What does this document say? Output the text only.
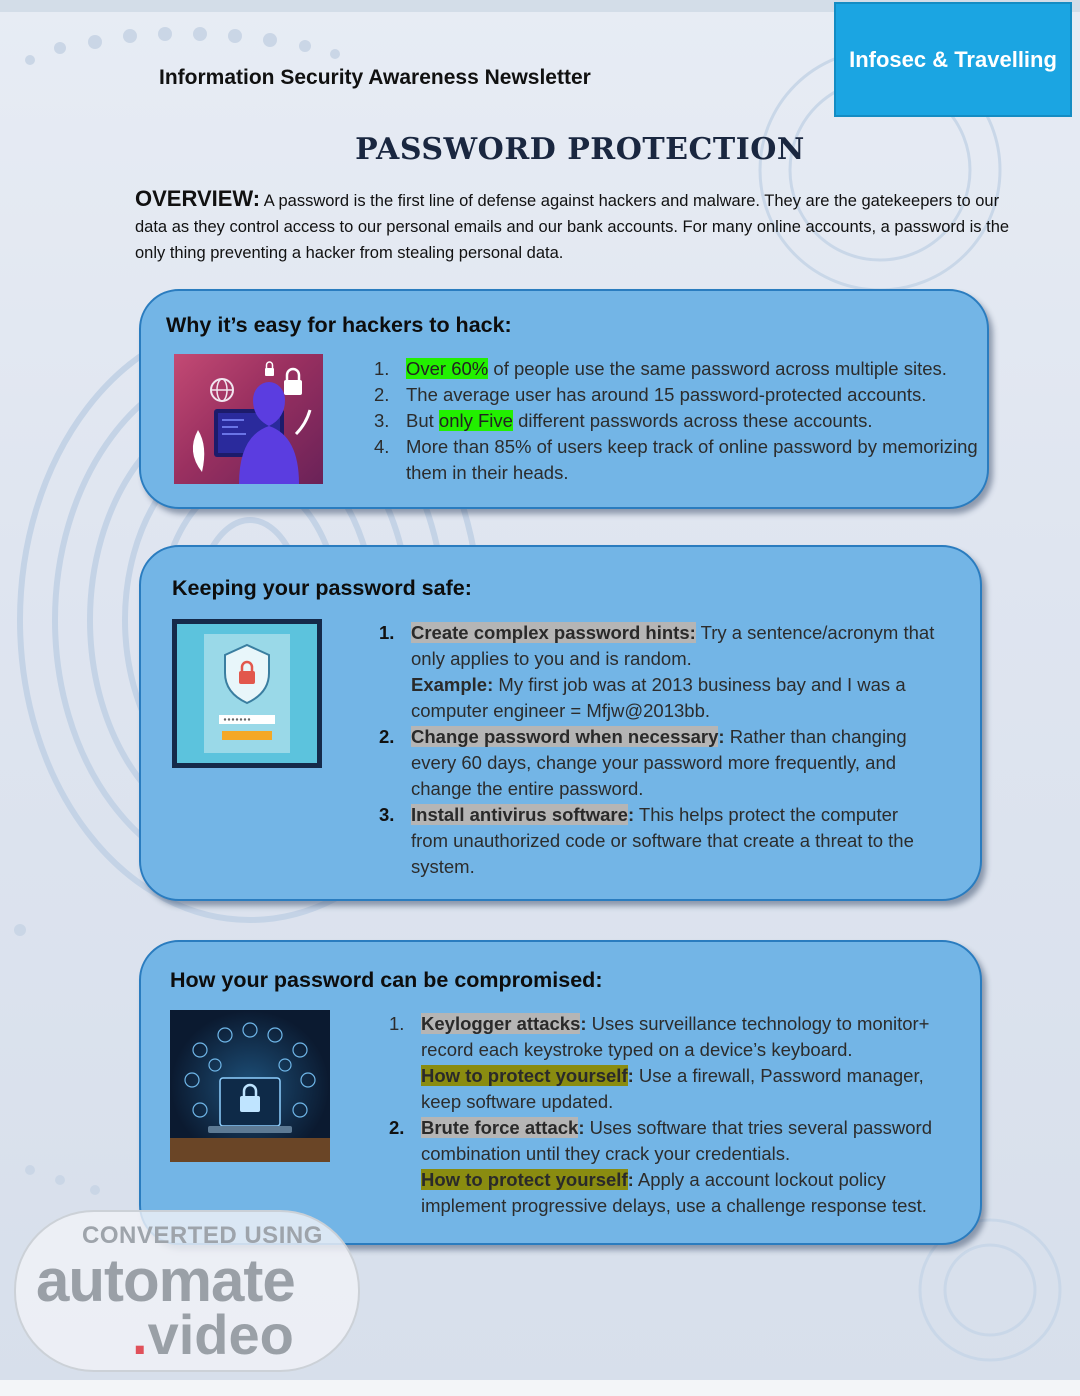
Infosec & Travelling
Information Security Awareness Newsletter
PASSWORD PROTECTION
OVERVIEW: A password is the first line of defense against hackers and malware. They are the gatekeepers to our data as they control access to our personal emails and our bank accounts. For many online accounts, a password is the only thing preventing a hacker from stealing personal data.
Why it’s easy for hackers to hack:
1. Over 60% of people use the same password across multiple sites.
2. The average user has around 15 password-protected accounts.
3. But only Five different passwords across these accounts.
4. More than 85% of users keep track of online password by memorizing them in their heads.
Keeping your password safe:
1. Create complex password hints: Try a sentence/acronym that only applies to you and is random.
Example: My first job was at 2013 business bay and I was a computer engineer = Mfjw@2013bb.
2. Change password when necessary: Rather than changing every 60 days, change your password more frequently, and change the entire password.
3. Install antivirus software: This helps protect the computer from unauthorized code or software that create a threat to the system.
How your password can be compromised:
1. Keylogger attacks: Uses surveillance technology to monitor+ record each keystroke typed on a device’s keyboard.
How to protect yourself: Use a firewall, Password manager, keep software updated.
2. Brute force attack: Uses software that tries several password combination until they crack your credentials.
How to protect yourself: Apply a account lockout policy implement progressive delays, use a challenge response test.
CONVERTED USING
automate
.video
